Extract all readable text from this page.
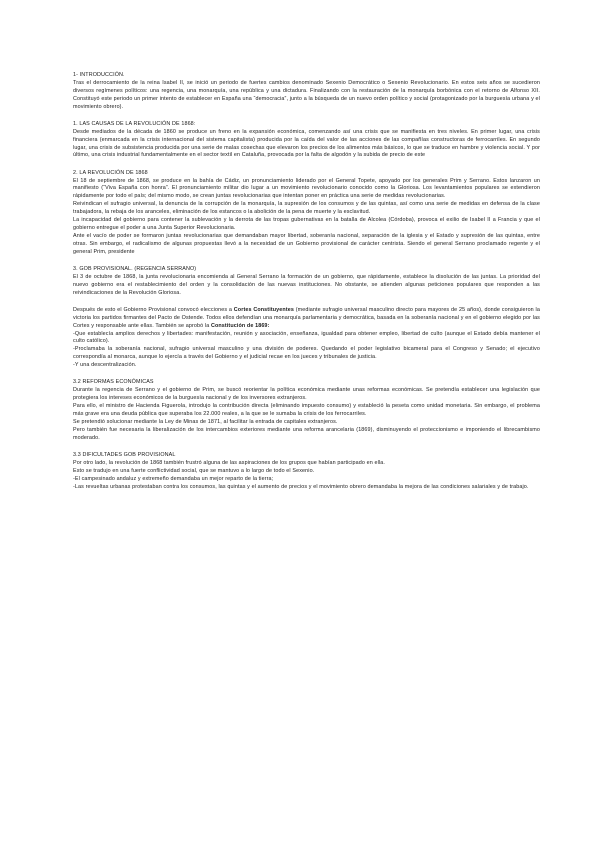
1- INTRODUCCIÓN.

Tras el derrocamiento de la reina Isabel II, se inició un periodo de fuertes cambios denominado Sexenio Democrático o Sexenio Revolucionario. En estos seis años se sucedieron diversos regímenes políticos: una regencia, una monarquía, una república y una dictadura. Finalizando con la restauración de la monarquía borbónica con el retorno de Alfonso XII. Constituyó este periodo un primer intento de establecer en España una “democracia”, junto a la búsqueda de un nuevo orden político y social (protagonizado por la burguesía urbana y el movimiento obrero).

1. LAS CAUSAS DE LA REVOLUCIÓN DE 1868:

Desde mediados de la década de 1860 se produce un freno en la expansión económica, comenzando así una crisis que se manifiesta en tres niveles. En primer lugar, una crisis financiera (enmarcada en la crisis internacional del sistema capitalista) producida por la caída del valor de las acciones de las compañías constructoras de ferrocarriles. En segundo lugar, una crisis de subsistencia producida por una serie de malas cosechas que elevaron los precios de los alimentos más básicos, lo que se traduce en hambre y violencia social. Y por último, una crisis industrial fundamentalmente en el sector textil en Cataluña, provocada por la falta de algodón y la subida de precio de este

2. LA REVOLUCIÓN DE 1868

El 18 de septiembre de 1868, se produce en la bahía de Cádiz, un pronunciamiento liderado por el General Topete, apoyado por los generales Prim y Serrano. Estos lanzaron un manifiesto (“Viva España con honra”. El pronunciamiento militar dio lugar a un movimiento revolucionario conocido como la Gloriosa. Los levantamientos populares se extendieron rápidamente por todo el país; del mismo modo, se crean juntas revolucionarias que intentan poner en práctica una serie de medidas revolucionarias.

Reivindican el sufragio universal, la denuncia de la corrupción de la monarquía, la supresión de los consumos y de las quintas, así como una serie de medidas en defensa de la clase trabajadora, la rebaja de los aranceles, eliminación de los estancos o la abolición de la pena de muerte y la esclavitud.

La incapacidad del gobierno para contener la sublevación y la derrota de las tropas gubernativas en la batalla de Alcolea (Córdoba), provoca el exilio de Isabel II a Francia y que el gobierno entregue el poder a una Junta Superior Revolucionaria.

Ante el vacío de poder se formaron juntas revolucionarias que demandaban mayor libertad, soberanía nacional, separación de la iglesia y el Estado y supresión de las quintas, entre otras. Sin embargo, el radicalismo de algunas propuestas llevó a la necesidad de un Gobierno provisional de carácter centrista. Siendo el general Serrano proclamado regente y el general Prim, presidente

3. GOB PROVISIONAL. (REGENCIA SERRANO)

El 3 de octubre de 1868, la junta revolucionaria encomienda al General Serrano la formación de un gobierno, que rápidamente, establece la disolución de las juntas. La prioridad del nuevo gobierno era el restablecimiento del orden y la consolidación de las nuevas instituciones. No obstante, se atienden algunas peticiones populares que responden a las reivindicaciones de la Revolución Gloriosa.

Después de esto el Gobierno Provisional convocó elecciones a Cortes Constituyentes (mediante sufragio universal masculino directo para mayores de 25 años), donde consiguieron la victoria los partidos firmantes del Pacto de Ostende. Todos ellos defendían una monarquía parlamentaria y democrática, basada en la soberanía nacional y en el gobierno elegido por las Cortes y responsable ante ellas. También se aprobó la Constitución de 1869:

-Que establecía amplios derechos y libertades: manifestación, reunión y asociación, enseñanza, igualdad para obtener empleo, libertad de culto (aunque el Estado debía mantener el culto católico).

-Proclamaba la soberanía nacional, sufragio universal masculino y una división de poderes. Quedando el poder legislativo bicameral para el Congreso y Senado; el ejecutivo correspondía al monarca, aunque lo ejercía a través del Gobierno y el judicial recae en los jueces y tribunales de justicia.

-Y una descentralización.

3.2 REFORMAS ECONÓMICAS

Durante la regencia de Serrano y el gobierno de Prim, se buscó reorientar la política económica mediante unas reformas económicas. Se pretendía establecer una legislación que protegiera los intereses económicos de la burguesía nacional y de los inversores extranjeros.

Para ello, el ministro de Hacienda Figuerola, introdujo la contribución directa (eliminando impuesto consumo) y estableció la peseta como unidad monetaria. Sin embargo, el problema más grave era una deuda pública que superaba los 22.000 reales, a la que se le sumaba la crisis de los ferrocarriles.

Se pretendió solucionar mediante la Ley de Minas de 1871, al facilitar la entrada de capitales extranjeros.

Pero también fue necesaria la liberalización de los intercambios exteriores mediante una reforma arancelaria (1869), disminuyendo el proteccionismo e imponiendo el librecambismo moderado.

3.3 DIFICULTADES GOB PROVISIONAL

Por otro lado, la revolución de 1868 también frustró alguna de las aspiraciones de los grupos que habían participado en ella.

Esto se tradujo en una fuerte conflictividad social, que se mantuvo a lo largo de todo el Sexenio.

-El campesinado andaluz y extremeño demandaba un mejor reparto de la tierra;

-Las revueltas urbanas protestaban contra los consumos, las quintas y el aumento de precios y el movimiento obrero demandaba la mejora de las condiciones salariales y de trabajo.
